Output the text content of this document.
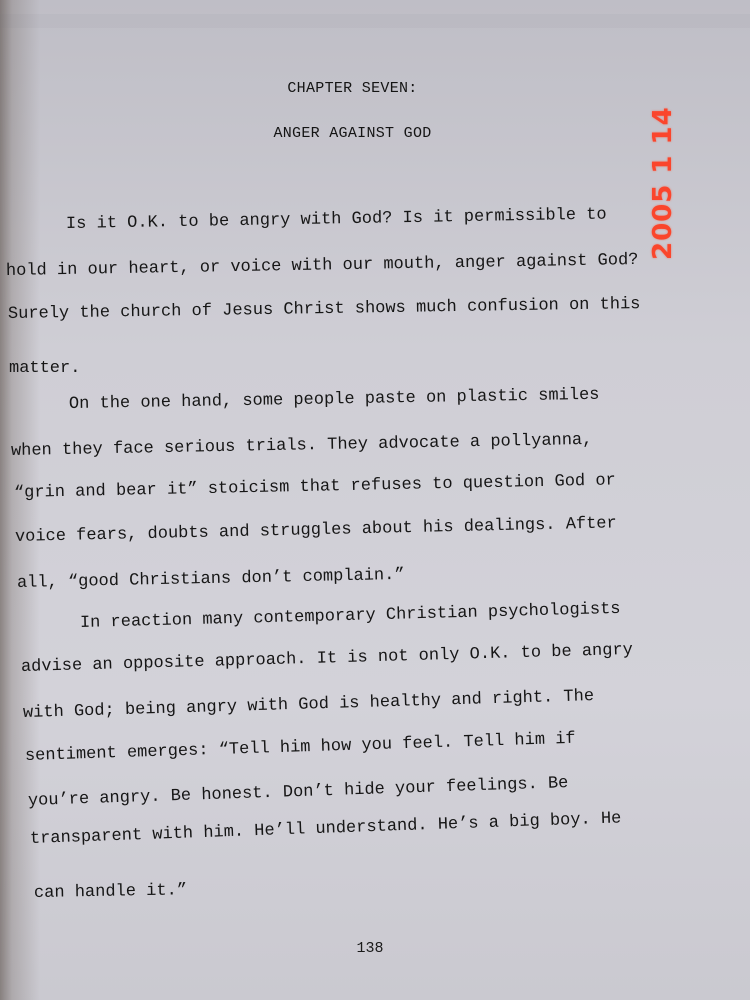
CHAPTER SEVEN:
ANGER AGAINST GOD
Is it O.K. to be angry with God? Is it permissible to
hold in our heart, or voice with our mouth, anger against God?
Surely the church of Jesus Christ shows much confusion on this
matter.
On the one hand, some people paste on plastic smiles
when they face serious trials. They advocate a pollyanna,
“grin and bear it” stoicism that refuses to question God or
voice fears, doubts and struggles about his dealings. After
all, “good Christians don’t complain.”
In reaction many contemporary Christian psychologists
advise an opposite approach. It is not only O.K. to be angry
with God; being angry with God is healthy and right. The
sentiment emerges: “Tell him how you feel. Tell him if
you’re angry. Be honest. Don’t hide your feelings. Be
transparent with him. He’ll understand. He’s a big boy. He
can handle it.”
138
2005 1 14
